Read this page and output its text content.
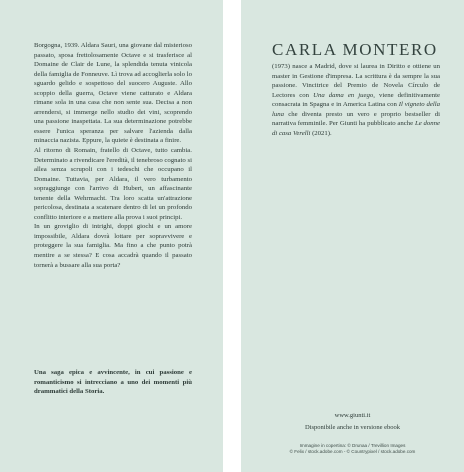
Borgogna, 1939. Aldara Sauri, una giovane dal misterioso passato, sposa frettolosamente Octave e si trasferisce al Domaine de Clair de Lune, la splendida tenuta vinicola della famiglia de Fonneuve. Lì trova ad accoglierla solo lo sguardo gelido e sospettoso del suocero Auguste. Allo scoppio della guerra, Octave viene catturato e Aldara rimane sola in una casa che non sente sua. Decisa a non arrendersi, si immerge nello studio dei vini, scoprendo una passione inaspettata. La sua determinazione potrebbe essere l'unica speranza per salvare l'azienda dalla minaccia nazista. Eppure, la quiete è destinata a finire.

Al ritorno di Romain, fratello di Octave, tutto cambia. Determinato a rivendicare l'eredità, il tenebroso cognato si allea senza scrupoli con i tedeschi che occupano il Domaine. Tuttavia, per Aldara, il vero turbamento sopraggiunge con l'arrivo di Hubert, un affascinante tenente della Wehrmacht. Tra loro scatta un'attrazione pericolosa, destinata a scatenare dentro di lei un profondo conflitto interiore e a mettere alla prova i suoi principi.

In un groviglio di intrighi, doppi giochi e un amore impossibile, Aldara dovrà lottare per sopravvivere e proteggere la sua famiglia. Ma fino a che punto potrà mentire a se stessa? E cosa accadrà quando il passato tornerà a bussare alla sua porta?

Una saga epica e avvincente, in cui passione e romanticismo si intrecciano a uno dei momenti più drammatici della Storia.

CARLA MONTERO

(1973) nasce a Madrid, dove si laurea in Diritto e ottiene un master in Gestione d'impresa. La scrittura è da sempre la sua passione. Vincitrice del Premio de Novela Círculo de Lectores con Una dama en juego, viene definitivamente consacrata in Spagna e in America Latina con Il vigneto della luna che diventa presto un vero e proprio bestseller di narrativa femminile. Per Giunti ha pubblicato anche Le donne di casa Verelli (2021).

www.giunti.it
Disponibile anche in versione ebook
Immagine in copertina: © Drunaa / Trevillion Images
© Felix / stock.adobe.com - © Countrypixel / stock.adobe.com
